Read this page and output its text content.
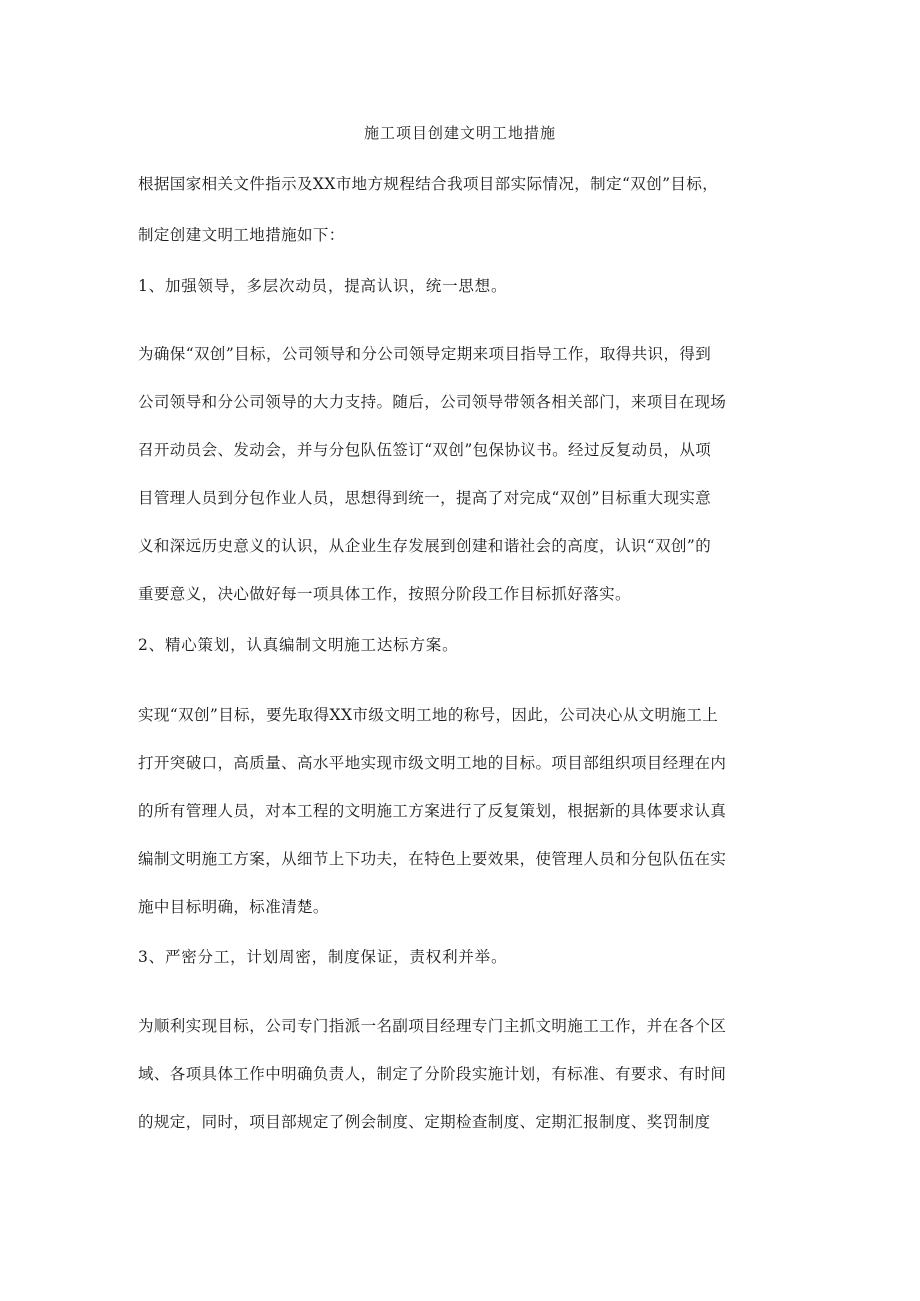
施工项目创建文明工地措施
根据国家相关文件指示及XX市地方规程结合我项目部实际情况，制定“双创”目标，
制定创建文明工地措施如下：
1、加强领导，多层次动员，提高认识，统一思想。
为确保“双创”目标，公司领导和分公司领导定期来项目指导工作，取得共识，得到
公司领导和分公司领导的大力支持。随后，公司领导带领各相关部门，来项目在现场
召开动员会、发动会，并与分包队伍签订“双创”包保协议书。经过反复动员，从项
目管理人员到分包作业人员，思想得到统一，提高了对完成“双创”目标重大现实意
义和深远历史意义的认识，从企业生存发展到创建和谐社会的高度，认识“双创”的
重要意义，决心做好每一项具体工作，按照分阶段工作目标抓好落实。
2、精心策划，认真编制文明施工达标方案。
实现“双创”目标，要先取得XX市级文明工地的称号，因此，公司决心从文明施工上
打开突破口，高质量、高水平地实现市级文明工地的目标。项目部组织项目经理在内
的所有管理人员，对本工程的文明施工方案进行了反复策划，根据新的具体要求认真
编制文明施工方案，从细节上下功夫，在特色上要效果，使管理人员和分包队伍在实
施中目标明确，标准清楚。
3、严密分工，计划周密，制度保证，责权利并举。
为顺利实现目标，公司专门指派一名副项目经理专门主抓文明施工工作，并在各个区
域、各项具体工作中明确负责人，制定了分阶段实施计划，有标准、有要求、有时间
的规定，同时，项目部规定了例会制度、定期检查制度、定期汇报制度、奖罚制度
